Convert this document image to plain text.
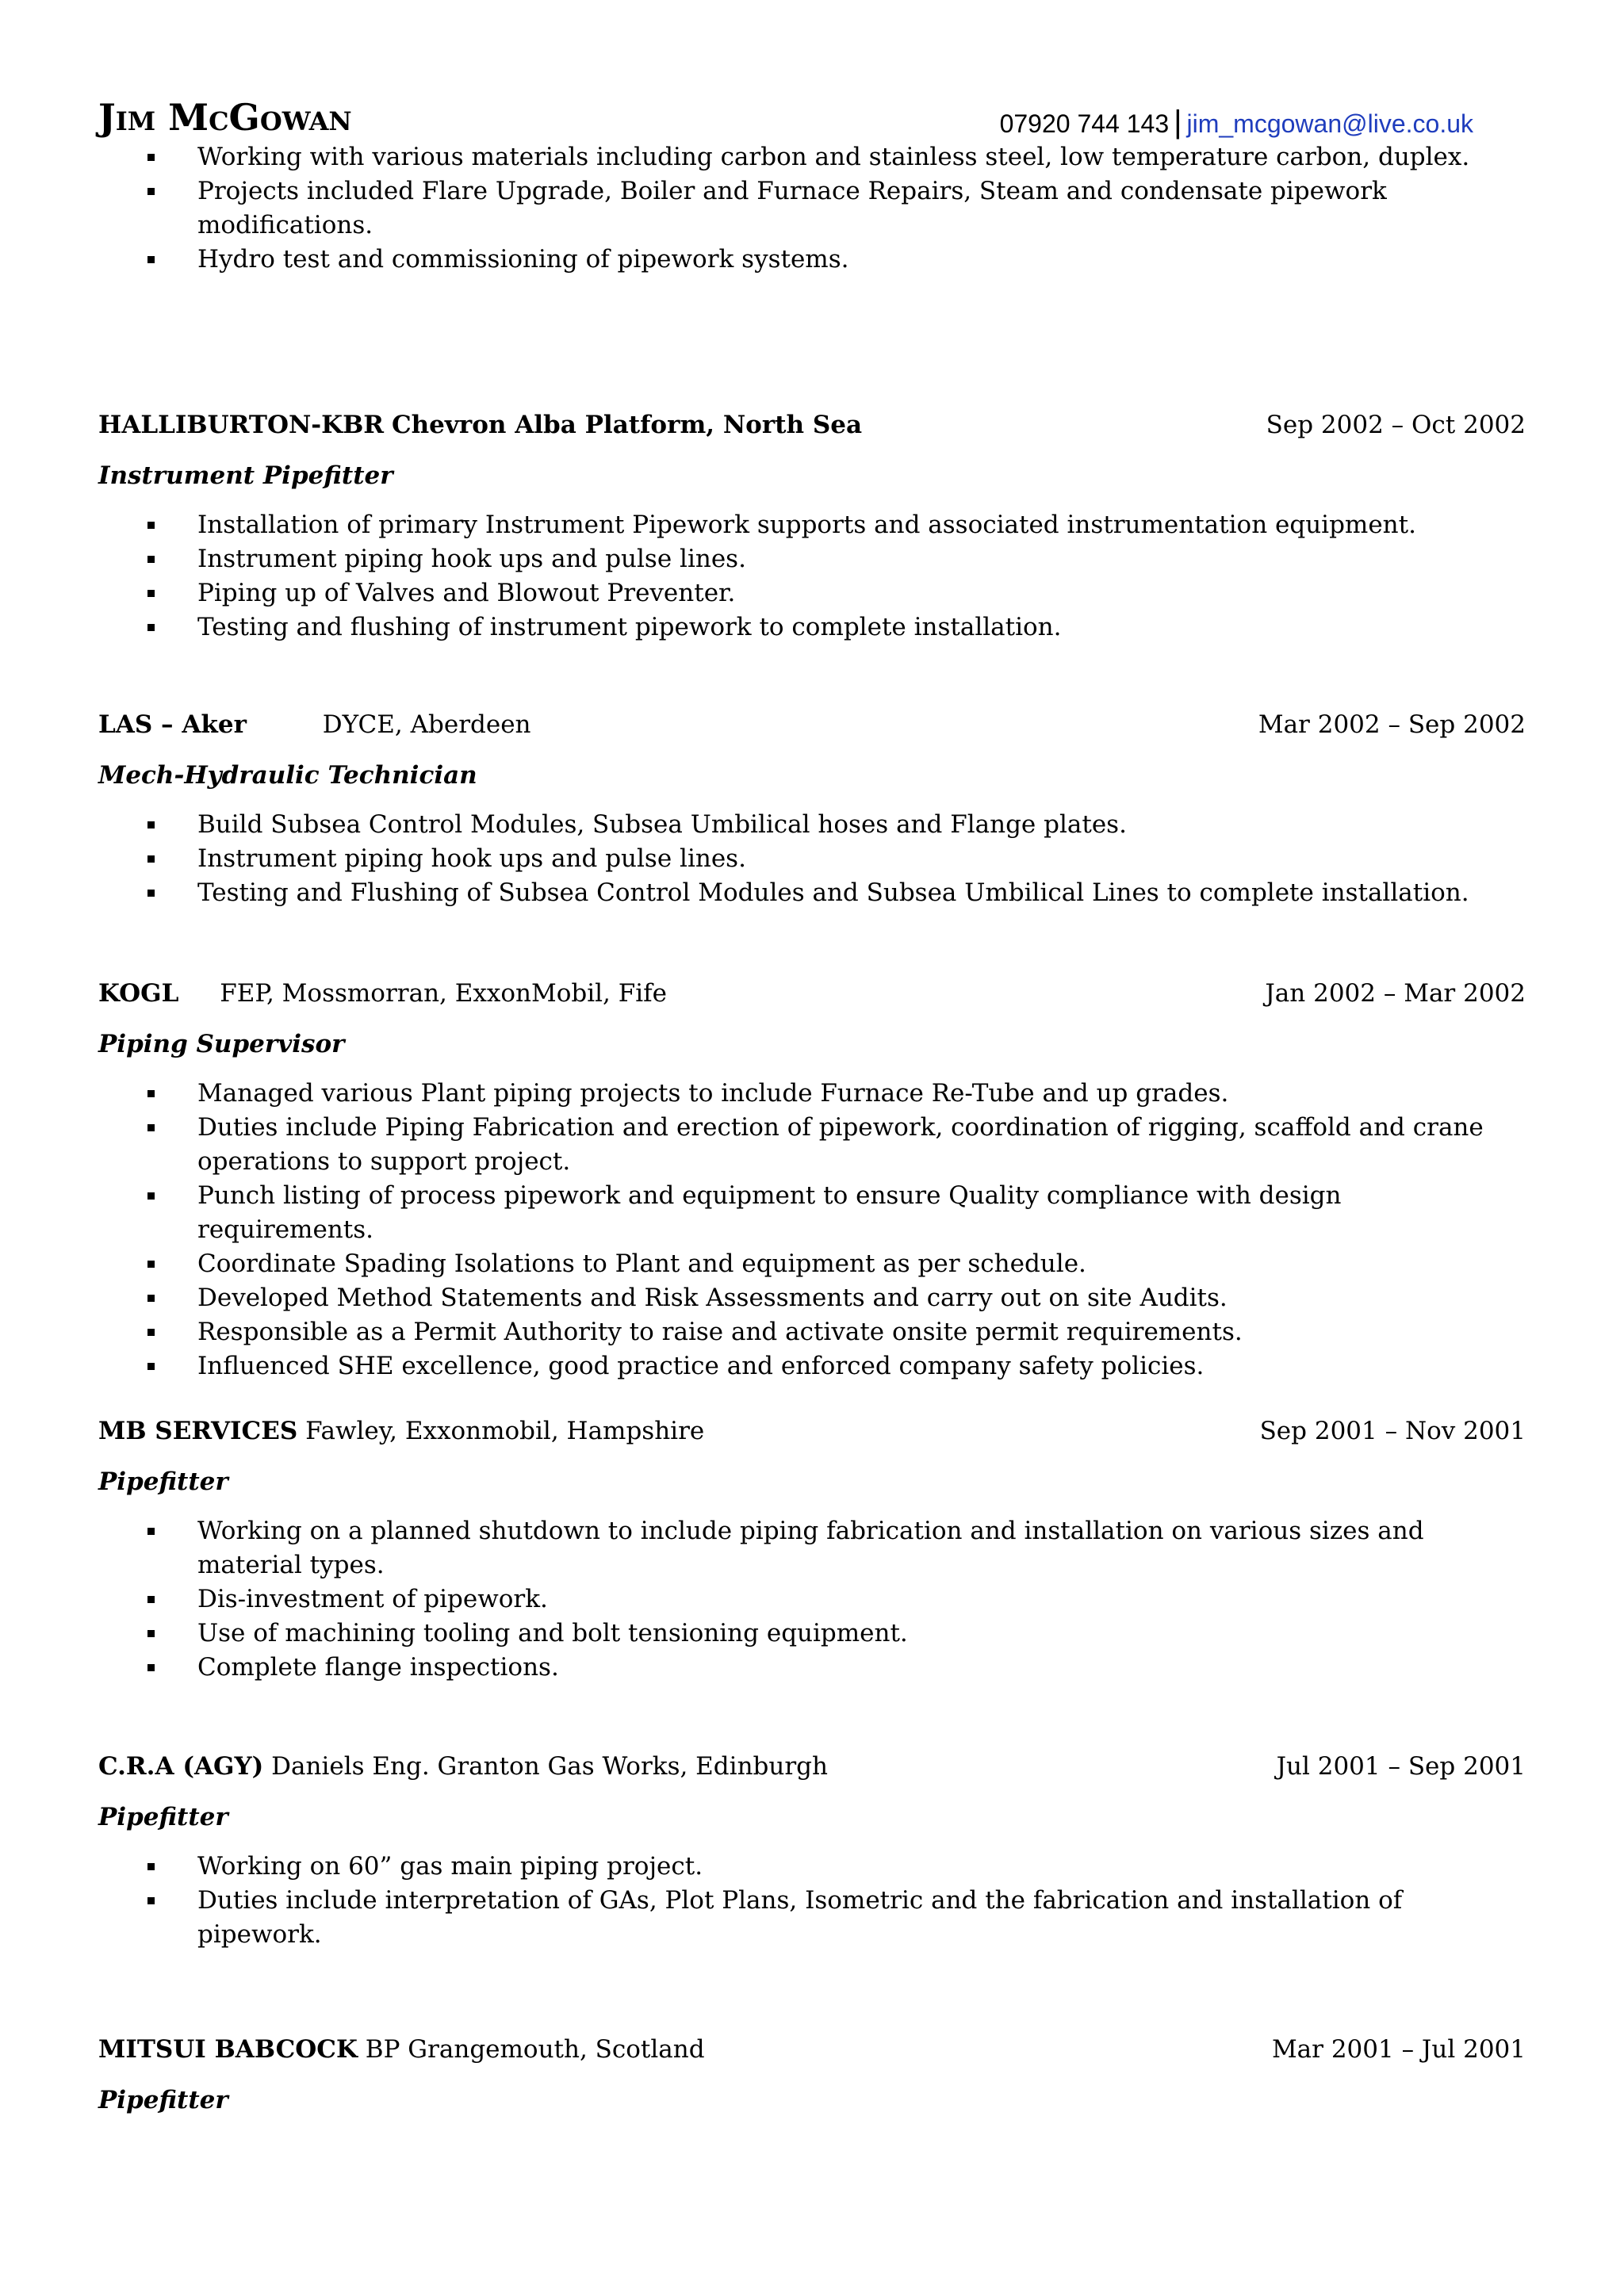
Jim McGowan	07920 744 143 | jim_mcgowan@live.co.uk
Working with various materials including carbon and stainless steel, low temperature carbon, duplex.
Projects included Flare Upgrade, Boiler and Furnace Repairs, Steam and condensate pipework modifications.
Hydro test and commissioning of pipework systems.
HALLIBURTON-KBR Chevron Alba Platform, North Sea	Sep 2002 – Oct 2002
Instrument Pipefitter
Installation of primary Instrument Pipework supports and associated instrumentation equipment.
Instrument piping hook ups and pulse lines.
Piping up of Valves and Blowout Preventer.
Testing and flushing of instrument pipework to complete installation.
LAS – Aker	DYCE, Aberdeen	Mar 2002 – Sep 2002
Mech-Hydraulic Technician
Build Subsea Control Modules, Subsea Umbilical hoses and Flange plates.
Instrument piping hook ups and pulse lines.
Testing and Flushing of Subsea Control Modules and Subsea Umbilical Lines to complete installation.
KOGL FEP, Mossmorran, ExxonMobil, Fife	Jan 2002 – Mar 2002
Piping Supervisor
Managed various Plant piping projects to include Furnace Re-Tube and up grades.
Duties include Piping Fabrication and erection of pipework, coordination of rigging, scaffold and crane operations to support project.
Punch listing of process pipework and equipment to ensure Quality compliance with design requirements.
Coordinate Spading Isolations to Plant and equipment as per schedule.
Developed Method Statements and Risk Assessments and carry out on site Audits.
Responsible as a Permit Authority to raise and activate onsite permit requirements.
Influenced SHE excellence, good practice and enforced company safety policies.
MB SERVICES Fawley, Exxonmobil, Hampshire	Sep 2001 – Nov 2001
Pipefitter
Working on a planned shutdown to include piping fabrication and installation on various sizes and material types.
Dis-investment of pipework.
Use of machining tooling and bolt tensioning equipment.
Complete flange inspections.
C.R.A (AGY) Daniels Eng. Granton Gas Works, Edinburgh	Jul 2001 – Sep 2001
Pipefitter
Working on 60” gas main piping project.
Duties include interpretation of GAs, Plot Plans, Isometric and the fabrication and installation of pipework.
MITSUI BABCOCK BP Grangemouth, Scotland	Mar 2001 – Jul 2001
Pipefitter
